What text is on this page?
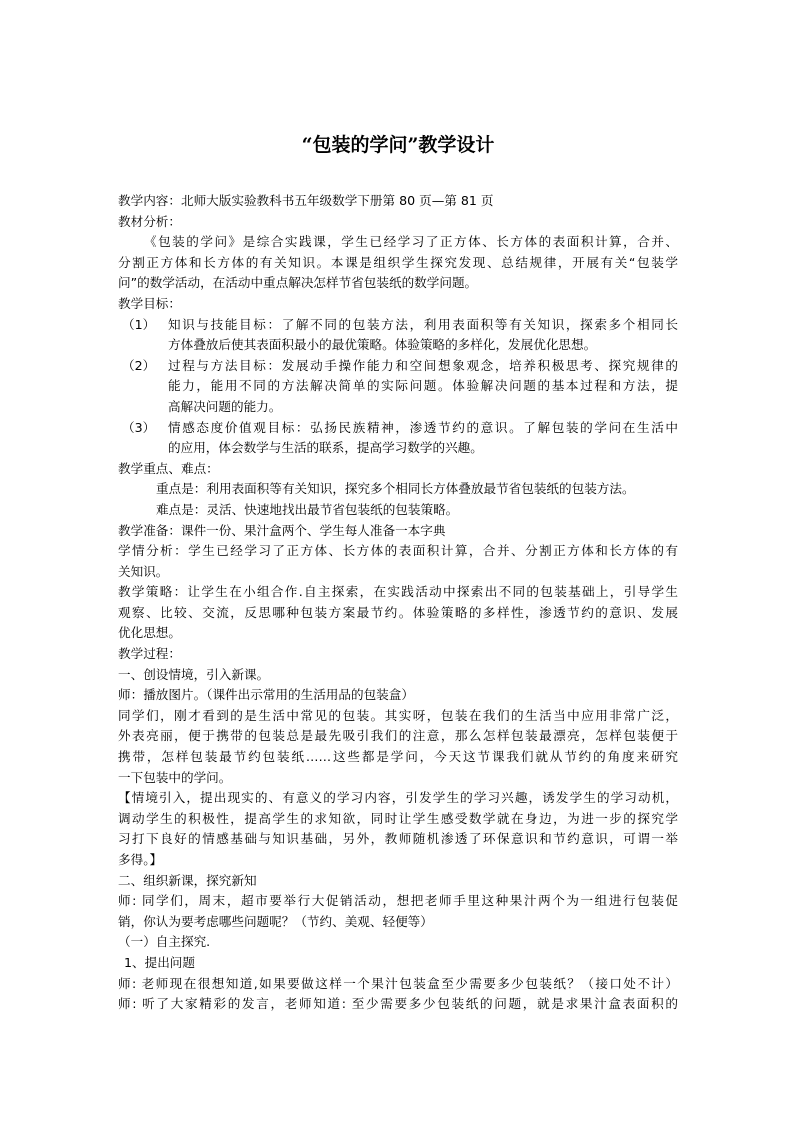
“包装的学问”教学设计
教学内容：北师大版实验教科书五年级数学下册第 80 页—第 81 页
教材分析：
《包装的学问》是综合实践课，学生已经学习了正方体、长方体的表面积计算，合并、
分割正方体和长方体的有关知识。本课是组织学生探究发现、总结规律，开展有关“包装学
问”的数学活动，在活动中重点解决怎样节省包装纸的数学问题。
教学目标：
（1）	知识与技能目标：了解不同的包装方法，利用表面积等有关知识，探索多个相同长
方体叠放后使其表面积最小的最优策略。体验策略的多样化，发展优化思想。
（2）	过程与方法目标：发展动手操作能力和空间想象观念，培养积极思考、探究规律的
能力，能用不同的方法解决简单的实际问题。体验解决问题的基本过程和方法，提
高解决问题的能力。
（3）	情感态度价值观目标：弘扬民族精神，渗透节约的意识。了解包装的学问在生活中
的应用，体会数学与生活的联系，提高学习数学的兴趣。
教学重点、难点：
重点是：利用表面积等有关知识，探究多个相同长方体叠放最节省包装纸的包装方法。
难点是：灵活、快速地找出最节省包装纸的包装策略。
教学准备：课件一份、果汁盒两个、学生每人准备一本字典
学情分析：学生已经学习了正方体、长方体的表面积计算，合并、分割正方体和长方体的有
关知识。
教学策略：让学生在小组合作.自主探索，在实践活动中探索出不同的包装基础上，引导学生
观察、比较、交流，反思哪种包装方案最节约。体验策略的多样性，渗透节约的意识、发展
优化思想。
教学过程：
一、创设情境，引入新课。
师：播放图片。（课件出示常用的生活用品的包装盒）
同学们，刚才看到的是生活中常见的包装。其实呀，包装在我们的生活当中应用非常广泛，
外表亮丽，便于携带的包装总是最先吸引我们的注意，那么怎样包装最漂亮，怎样包装便于
携带，怎样包装最节约包装纸……这些都是学问，今天这节课我们就从节约的角度来研究
一下包装中的学问。
【情境引入，提出现实的、有意义的学习内容，引发学生的学习兴趣，诱发学生的学习动机，
调动学生的积极性，提高学生的求知欲，同时让学生感受数学就在身边，为进一步的探究学
习打下良好的情感基础与知识基础，另外，教师随机渗透了环保意识和节约意识，可谓一举
多得。】
二、组织新课，探究新知
师: 同学们，周末，超市要举行大促销活动，想把老师手里这种果汁两个为一组进行包装促
销，你认为要考虑哪些问题呢？（节约、美观、轻便等）
（一）自主探究.
1、提出问题
师: 老师现在很想知道,如果要做这样一个果汁包装盒至少需要多少包装纸？（接口处不计）
师: 听了大家精彩的发言，老师知道: 至少需要多少包装纸的问题，就是求果汁盒表面积的
